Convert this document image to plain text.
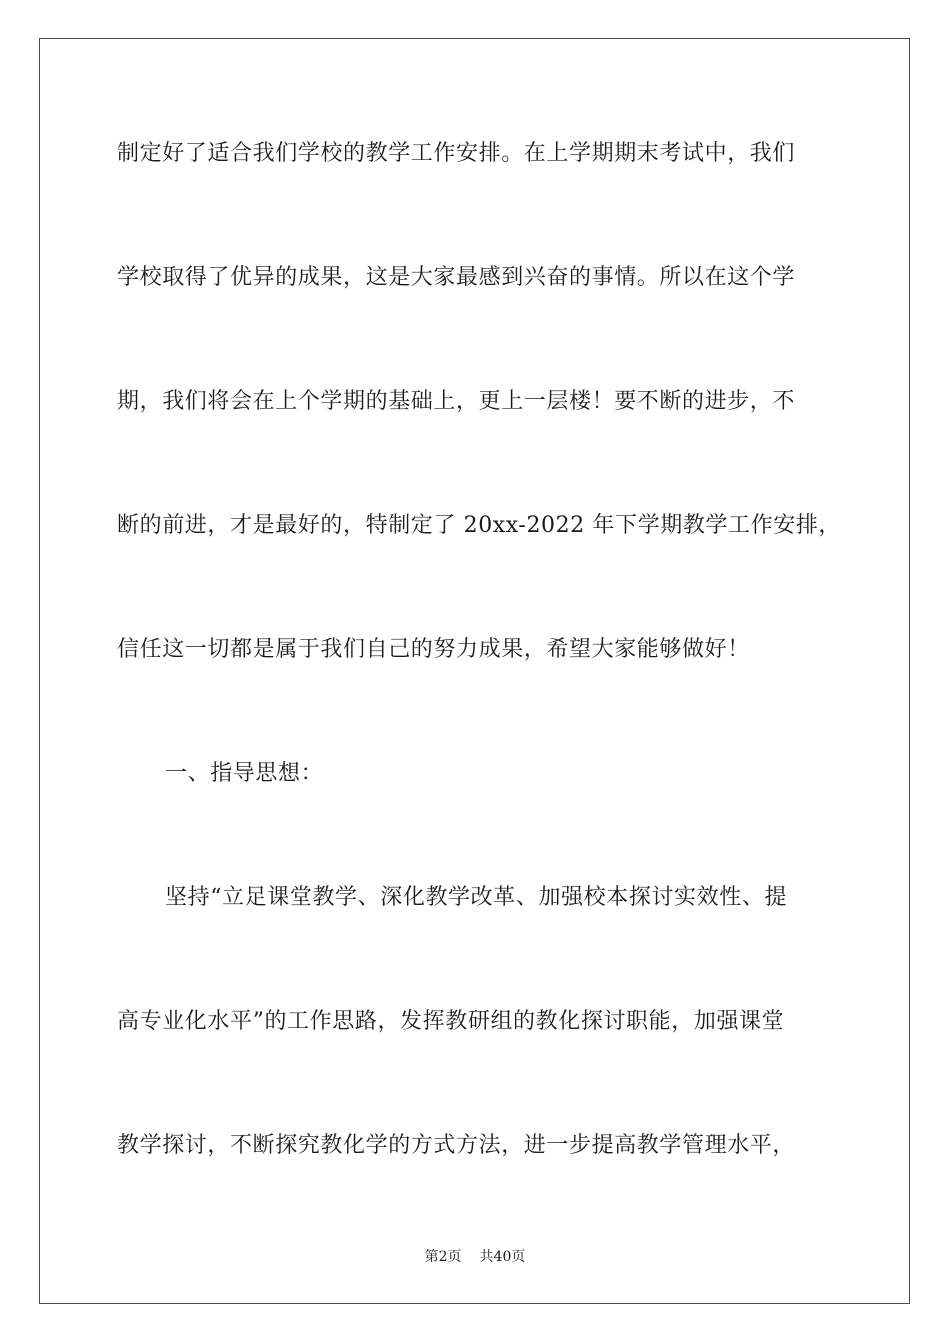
制定好了适合我们学校的教学工作安排。在上学期期末考试中，我们
学校取得了优异的成果，这是大家最感到兴奋的事情。所以在这个学
期，我们将会在上个学期的基础上，更上一层楼！要不断的进步，不
断的前进，才是最好的，特制定了 20xx-2022 年下学期教学工作安排，
信任这一切都是属于我们自己的努力成果，希望大家能够做好！
一、指导思想：
坚持“立足课堂教学、深化教学改革、加强校本探讨实效性、提
高专业化水平”的工作思路，发挥教研组的教化探讨职能，加强课堂
教学探讨，不断探究教化学的方式方法，进一步提高教学管理水平，
第2页 共40页
